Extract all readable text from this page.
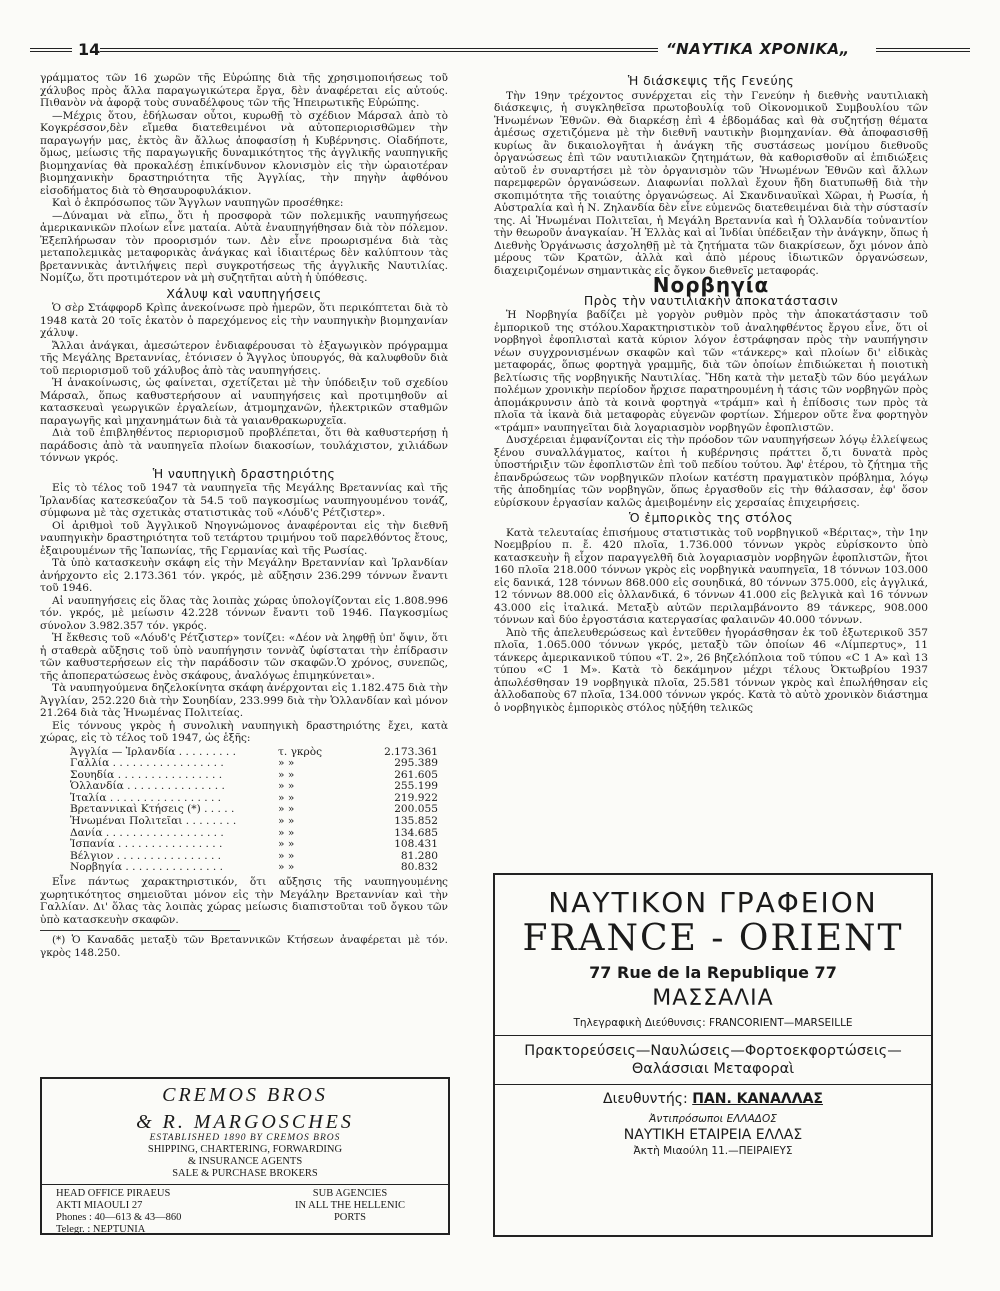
14	“ΝΑΥΤΙΚΑ ΧΡΟΝΙΚΑ„

γράμματος τῶν 16 χωρῶν τῆς Εὐρώπης διὰ τῆς χρησιμοποιήσεως τοῦ χάλυβος πρὸς ἄλλα παραγωγικώτερα ἔργα, δὲν ἀναφέρεται εἰς αὐτούς. Πιθανὸν νὰ ἀφορᾷ τοὺς συναδέλφους τῶν τῆς Ἠπειρωτικῆς Εὐρώπης.

—Μέχρις ὅτου, ἐδήλωσαν οὗτοι, κυρωθῇ τὸ σχέδιον Μάρσαλ ἀπὸ τὸ Κογκρέσσον,δὲν εἴμεθα διατεθειμένοι νὰ αὐτοπεριορισθῶμεν τὴν παραγωγήν μας, ἐκτὸς ἂν ἄλλως ἀποφασίσῃ ἡ Κυβέρνησις. Οἱαδήποτε, ὅμως, μείωσις τῆς παραγωγικῆς δυναμικότητος τῆς ἀγγλικῆς ναυπηγικῆς βιομηχανίας θὰ προκαλέσῃ ἐπικίνδυνον κλονισμὸν εἰς τὴν ὡραιοτέραν βιομηχανικὴν δραστηριότητα τῆς Ἀγγλίας, τὴν πηγὴν ἀφθόνου εἰσοδήματος διὰ τὸ Θησαυροφυλάκιον.

Καὶ ὁ ἐκπρόσωπος τῶν Ἄγγλων ναυπηγῶν προσέθηκε:

—Δύναμαι νὰ εἴπω, ὅτι ἡ προσφορὰ τῶν πολεμικῆς ναυπηγήσεως ἀμερικανικῶν πλοίων εἶνε ματαία. Αὐτὰ ἐναυπηγήθησαν διὰ τὸν πόλεμον. Ἐξεπλήρωσαν τὸν προορισμόν των. Δὲν εἶνε προωρισμένα διὰ τὰς μεταπολεμικὰς μεταφορικὰς ἀνάγκας καὶ ἰδιαιτέρως δὲν καλύπτουν τὰς βρεταννικὰς ἀντιλήψεις περὶ συγκροτήσεως τῆς ἀγγλικῆς Ναυτιλίας. Νομίζω, ὅτι προτιμότερον νὰ μὴ συζητῆται αὐτὴ ἡ ὑπόθεσις.

Χάλυψ καὶ ναυπηγήσεις

Ὁ σὲρ Στάφφορδ Κρὶπς ἀνεκοίνωσε πρὸ ἡμερῶν, ὅτι περικόπτεται διὰ τὸ 1948 κατὰ 20 τοῖς ἑκατὸν ὁ παρεχόμενος εἰς τὴν ναυπηγικὴν βιομηχανίαν χάλυψ.

Ἄλλαι ἀνάγκαι, ἀμεσώτερον ἐνδιαφέρουσαι τὸ ἐξαγωγικὸν πρόγραμμα τῆς Μεγάλης Βρεταννίας, ἐτόνισεν ὁ Ἄγγλος ὑπουργός, θὰ καλυφθοῦν διὰ τοῦ περιορισμοῦ τοῦ χάλυβος ἀπὸ τὰς ναυπηγήσεις.

Ἡ ἀνακοίνωσις, ὡς φαίνεται, σχετίζεται μὲ τὴν ὑπόδειξιν τοῦ σχεδίου Μάρσαλ, ὅπως καθυστερήσουν αἱ ναυπηγήσεις καὶ προτιμηθοῦν αἱ κατασκευαὶ γεωργικῶν ἐργαλείων, ἀτμομηχανῶν, ἠλεκτρικῶν σταθμῶν παραγωγῆς καὶ μηχανημάτων διὰ τὰ γαιανθρακωρυχεῖα.

Διὰ τοῦ ἐπιβληθέντος περιορισμοῦ προβλέπεται, ὅτι θὰ καθυστερήσῃ ἡ παράδοσις ἀπὸ τὰ ναυπηγεῖα πλοίων διακοσίων, τουλάχιστον, χιλιάδων τόννων γκρός.

Ἡ ναυπηγικὴ δραστηριότης

Εἰς τὸ τέλος τοῦ 1947 τὰ ναυπηγεῖα τῆς Μεγάλης Βρεταννίας καὶ τῆς Ἰρλανδίας κατεσκεύαζον τὰ 54.5 τοῦ παγκοσμίως ναυπηγουμένου τονάζ, σύμφωνα μὲ τὰς σχετικὰς στατιστικὰς τοῦ «Λόυδ'ς Ρέτζιστερ».

Οἱ ἀριθμοὶ τοῦ Ἀγγλικοῦ Νηογνώμονος ἀναφέρονται εἰς τὴν διεθνῆ ναυπηγικὴν δραστηριότητα τοῦ τετάρτου τριμήνου τοῦ παρελθόντος ἔτους, ἐξαιρουμένων τῆς Ἰαπωνίας, τῆς Γερμανίας καὶ τῆς Ρωσίας.

Τὰ ὑπὸ κατασκευὴν σκάφη εἰς τὴν Μεγάλην Βρεταννίαν καὶ Ἰρλανδίαν ἀνήρχοντο εἰς 2.173.361 τόν. γκρός, μὲ αὔξησιν 236.299 τόννων ἔναντι τοῦ 1946.

Αἱ ναυπηγήσεις εἰς ὅλας τὰς λοιπὰς χώρας ὑπολογίζονται εἰς 1.808.996 τόν. γκρός, μὲ μείωσιν 42.228 τόννων ἔναντι τοῦ 1946. Παγκοσμίως σύνολον 3.982.357 τόν. γκρός.

Ἡ ἔκθεσις τοῦ «Λόυδ'ς Ρέτζιστερ» τονίζει: «Δέον νὰ ληφθῇ ὑπ' ὄψιν, ὅτι ἡ σταθερὰ αὔξησις τοῦ ὑπὸ ναυπήγησιν τοννὰζ ὑφίσταται τὴν ἐπίδρασιν τῶν καθυστερήσεων εἰς τὴν παράδοσιν τῶν σκαφῶν.Ὁ χρόνος, συνεπῶς, τῆς ἀποπερατώσεως ἑνὸς σκάφους, ἀναλόγως ἐπιμηκύνεται».

Τὰ ναυπηγούμενα δηζελοκίνητα σκάφη ἀνέρχονται εἰς 1.182.475 διὰ τὴν Ἀγγλίαν, 252.220 διὰ τὴν Σουηδίαν, 233.999 διὰ τὴν Ὁλλανδίαν καὶ μόνον 21.264 διὰ τὰς Ἡνωμένας Πολιτείας.

Εἰς τόννους γκρὸς ἡ συνολικὴ ναυπηγικὴ δραστηριότης ἔχει, κατὰ χώρας, εἰς τὸ τέλος τοῦ 1947, ὡς ἑξῆς:

Ἀγγλία — Ἰρλανδία . . . . . . . . .	τ. γκρὸς	2.173.361
Γαλλία . . . . . . . . . . . . . . . . .	» »	295.389
Σουηδία . . . . . . . . . . . . . . . .	» »	261.605
Ὁλλανδία . . . . . . . . . . . . . . .	» »	255.199
Ἰταλία . . . . . . . . . . . . . . . . .	» »	219.922
Βρεταννικαὶ Κτήσεις (*) . . . . .	» »	200.055
Ἡνωμέναι Πολιτεῖαι . . . . . . . .	» »	135.852
Δανία . . . . . . . . . . . . . . . . . .	» »	134.685
Ἰσπανία . . . . . . . . . . . . . . . .	» »	108.431
Βέλγιον . . . . . . . . . . . . . . . .	» »	81.280
Νορβηγία . . . . . . . . . . . . . . .	» »	80.832

Εἶνε πάντως χαρακτηριστικόν, ὅτι αὔξησις τῆς ναυπηγουμένης χωρητικότητος σημειοῦται μόνον εἰς τὴν Μεγάλην Βρεταννίαν καὶ τὴν Γαλλίαν. Δι' ὅλας τὰς λοιπὰς χώρας μείωσις διαπιστοῦται τοῦ ὄγκου τῶν ὑπὸ κατασκευὴν σκαφῶν.

(*) Ὁ Καναδᾶς μεταξὺ τῶν Βρεταννικῶν Κτήσεων ἀναφέρεται μὲ τόν. γκρὸς 148.250.

Ἡ διάσκεψις τῆς Γενεύης

Τὴν 19ην τρέχοντος συνέρχεται εἰς τὴν Γενεύην ἡ διεθνὴς ναυτιλιακὴ διάσκεψις, ἡ συγκληθεῖσα πρωτοβουλίᾳ τοῦ Οἰκονομικοῦ Συμβουλίου τῶν Ἡνωμένων Ἐθνῶν. Θὰ διαρκέσῃ ἐπὶ 4 ἑβδομάδας καὶ θὰ συζητήσῃ θέματα ἀμέσως σχετιζόμενα μὲ τὴν διεθνῆ ναυτικὴν βιομηχανίαν. Θὰ ἀποφασισθῇ κυρίως ἂν δικαιολογῆται ἡ ἀνάγκη τῆς συστάσεως μονίμου διεθνοῦς ὀργανώσεως ἐπὶ τῶν ναυτιλιακῶν ζητημάτων, θὰ καθορισθοῦν αἱ ἐπιδιώξεις αὐτοῦ ἐν συναρτήσει μὲ τὸν ὀργανισμὸν τῶν Ἡνωμένων Ἐθνῶν καὶ ἄλλων παρεμφερῶν ὀργανώσεων. Διαφωνίαι πολλαὶ ἔχουν ἤδη διατυπωθῇ διὰ τὴν σκοπιμότητα τῆς τοιαύτης ὀργανώσεως. Αἱ Σκανδιναυϊκαὶ Χῶραι, ἡ Ρωσία, ἡ Αὐστραλία καὶ ἡ Ν. Ζηλανδία δὲν εἶνε εὐμενῶς διατεθειμέναι διὰ τὴν σύστασίν της. Αἱ Ἡνωμέναι Πολιτεῖαι, ἡ Μεγάλη Βρεταννία καὶ ἡ Ὁλλανδία τοὐναντίον τὴν θεωροῦν ἀναγκαίαν. Ἡ Ἑλλὰς καὶ αἱ Ἰνδίαι ὑπέδειξαν τὴν ἀνάγκην, ὅπως ἡ Διεθνὴς Ὀργάνωσις ἀσχοληθῇ μὲ τὰ ζητήματα τῶν διακρίσεων, ὄχι μόνον ἀπὸ μέρους τῶν Κρατῶν, ἀλλὰ καὶ ἀπὸ μέρους ἰδιωτικῶν ὀργανώσεων, διαχειριζομένων σημαντικὰς εἰς ὄγκον διεθνεῖς μεταφοράς.

Νορβηγία
Πρὸς τὴν ναυτιλιακὴν ἀποκατάστασιν

Ἡ Νορβηγία βαδίζει μὲ γοργὸν ρυθμὸν πρὸς τὴν ἀποκατάστασιν τοῦ ἐμπορικοῦ της στόλου.Χαρακτηριστικὸν τοῦ ἀναληφθέντος ἔργου εἶνε, ὅτι οἱ νορβηγοὶ ἐφοπλισταὶ κατὰ κύριον λόγον ἐστράφησαν πρὸς τὴν ναυπήγησιν νέων συγχρονισμένων σκαφῶν καὶ τῶν «τάνκερς» καὶ πλοίων δι' εἰδικὰς μεταφοράς, ὅπως φορτηγὰ γραμμῆς, διὰ τῶν ὁποίων ἐπιδιώκεται ἡ ποιοτικὴ βελτίωσις τῆς νορβηγικῆς Ναυτιλίας. Ἤδη κατὰ τὴν μεταξὺ τῶν δύο μεγάλων πολέμων χρονικὴν περίοδον ἤρχισε παρατηρουμένη ἡ τάσις τῶν νορβηγῶν πρὸς ἀπομάκρυνσιν ἀπὸ τὰ κοινὰ φορτηγὰ «τράμπ» καὶ ἡ ἐπίδοσις των πρὸς τὰ πλοῖα τὰ ἱκανὰ διὰ μεταφορὰς εὐγενῶν φορτίων. Σήμερον οὔτε ἕνα φορτηγὸν «τράμπ» ναυπηγεῖται διὰ λογαριασμὸν νορβηγῶν ἐφοπλιστῶν.

Δυσχέρειαι ἐμφανίζονται εἰς τὴν πρόοδον τῶν ναυπηγήσεων λόγῳ ἐλλείψεως ξένου συναλλάγματος, καίτοι ἡ κυβέρνησις πράττει ὅ,τι δυνατὰ πρὸς ὑποστήριξιν τῶν ἐφοπλιστῶν ἐπὶ τοῦ πεδίου τούτου. Ἀφ' ἑτέρου, τὸ ζήτημα τῆς ἐπανδρώσεως τῶν νορβηγικῶν πλοίων κατέστη πραγματικὸν πρόβλημα, λόγῳ τῆς ἀποδημίας τῶν νορβηγῶν, ὅπως ἐργασθοῦν εἰς τὴν θάλασσαν, ἐφ' ὅσον εὑρίσκουν ἐργασίαν καλῶς ἀμειβομένην εἰς χερσαίας ἐπιχειρήσεις.

Ὁ ἐμπορικὸς της στόλος

Κατὰ τελευταίας ἐπισήμους στατιστικὰς τοῦ νορβηγικοῦ «Βέριτας», τὴν 1ην Νοεμβρίου π. ἔ. 420 πλοῖα, 1.736.000 τόννων γκρὸς εὑρίσκοντο ὑπὸ κατασκευὴν ἢ εἶχον παραγγελθῆ διὰ λογαριασμὸν νορβηγῶν ἐφοπλιστῶν, ἤτοι 160 πλοῖα 218.000 τόννων γκρὸς εἰς νορβηγικὰ ναυπηγεῖα, 18 τόννων 103.000 εἰς δανικά, 128 τόννων 868.000 εἰς σουηδικά, 80 τόννων 375.000, εἰς ἀγγλικά, 12 τόννων 88.000 εἰς ὁλλανδικά, 6 τόννων 41.000 εἰς βελγικὰ καὶ 16 τόννων 43.000 εἰς ἰταλικά. Μεταξὺ αὐτῶν περιλαμβάνοντο 89 τάνκερς, 908.000 τόννων καὶ δύο ἐργοστάσια κατεργασίας φαλαινῶν 40.000 τόννων.

Ἀπὸ τῆς ἀπελευθερώσεως καὶ ἐντεῦθεν ἠγοράσθησαν ἐκ τοῦ ἐξωτερικοῦ 357 πλοῖα, 1.065.000 τόννων γκρός, μεταξὺ τῶν ὁποίων 46 «Λίμπερτυς», 11 τάνκερς ἀμερικανικοῦ τύπου «Τ. 2», 26 βηζελόπλοια τοῦ τύπου «C 1 A» καὶ 13 τύπου «C 1 M». Κατὰ τὸ δεκάμηνον μέχρι τέλους Ὀκτωβρίου 1937 ἀπωλέσθησαν 19 νορβηγικὰ πλοῖα, 25.581 τόννων γκρὸς καὶ ἐπωλήθησαν εἰς ἀλλοδαποὺς 67 πλοῖα, 134.000 τόννων γκρός. Κατὰ τὸ αὐτὸ χρονικὸν διάστημα ὁ νορβηγικὸς ἐμπορικὸς στόλος ηὐξήθη τελικῶς

CREMOS BROS
& R. MARGOSCHES
ESTABLISHED 1890 BY CREMOS BROS
SHIPPING, CHARTERING, FORWARDING
& INSURANCE AGENTS
SALE & PURCHASE BROKERS
HEAD OFFICE PIRAEUS
AKTI MIAOULI 27
Phones : 40—613 & 43—860
Telegr. : NEPTUNIA
SUB AGENCIES
IN ALL THE HELLENIC
PORTS
ΝΑΥΤΙΚΟΝ ΓΡΑΦΕΙΟΝ
FRANCE - ORIENT
77 Rue de la Republique 77
ΜΑΣΣΑΛΙΑ
Τηλεγραφικὴ Διεύθυνσις: FRANCORIENT—MARSEILLE
Πρακτορεύσεις—Ναυλώσεις—Φορτοεκφορτώσεις—Θαλάσσιαι Μεταφοραὶ
Διευθυντής: ΠΑΝ. ΚΑΝΑΛΛΑΣ
Ἀντιπρόσωποι ΕΛΛΑΔΟΣ
ΝΑΥΤΙΚΗ ΕΤΑΙΡΕΙΑ ΕΛΛΑΣ
Ἀκτὴ Μιαούλη 11.—ΠΕΙΡΑΙΕΥΣ
